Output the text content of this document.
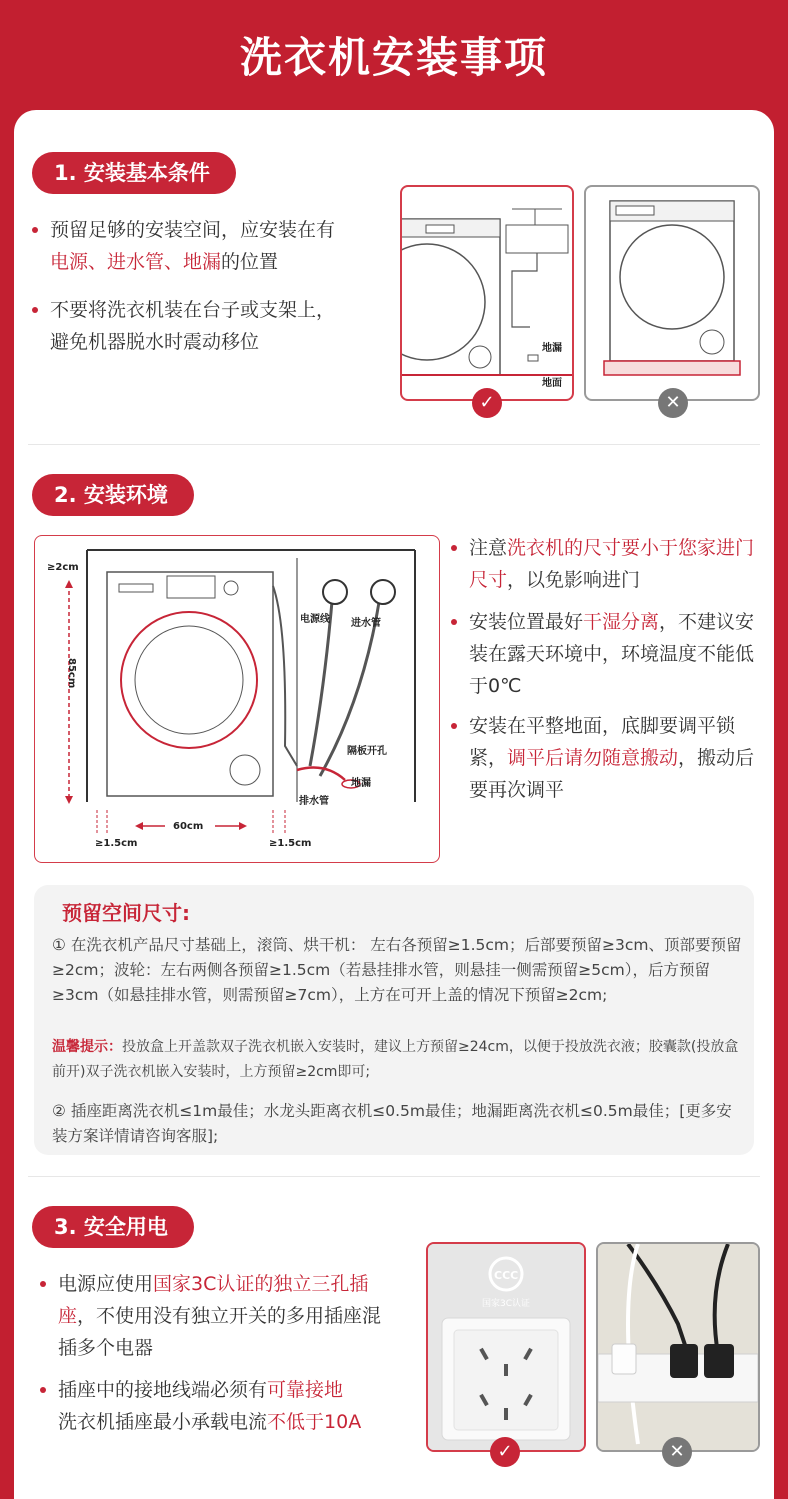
洗衣机安装事项
1. 安装基本条件
预留足够的安装空间，应安装在有
电源、进水管、地漏的位置
不要将洗衣机装在台子或支架上，
避免机器脱水时震动移位	地漏
地面
✓	✕
2. 安装环境
≥2cm
85cm
60cm
≥1.5cm	≥1.5cm
电源线 进水管
隔板开孔
地漏
排水管
注意洗衣机的尺寸要小于您家进门尺寸，以免影响进门
安装位置最好干湿分离，不建议安装在露天环境中，环境温度不能低于0℃
安装在平整地面，底脚要调平锁紧，调平后请勿随意搬动，搬动后要再次调平
预留空间尺寸:

① 在洗衣机产品尺寸基础上，滚筒、烘干机： 左右各预留≥1.5cm；后部要预留≥3cm、顶部要预留≥2cm；波轮：左右两侧各预留≥1.5cm（若悬挂排水管，则悬挂一侧需预留≥5cm），后方预留≥3cm（如悬挂排水管，则需预留≥7cm），上方在可开上盖的情况下预留≥2cm;

温馨提示：投放盒上开盖款双子洗衣机嵌入安装时，建议上方预留≥24cm，以便于投放洗衣液；胶囊款(投放盒前开)双子洗衣机嵌入安装时，上方预留≥2cm即可;

② 插座距离洗衣机≤1m最佳；水龙头距离衣机≤0.5m最佳；地漏距离洗衣机≤0.5m最佳；[更多安装方案详情请咨询客服];

3. 安全用电
电源应使用国家3C认证的独立三孔插座，不使用没有独立开关的多用插座混插多个电器
插座中的接地线端必须有可靠接地
洗衣机插座最小承载电流不低于10A
CCC
国家3C认证
✓	✕
